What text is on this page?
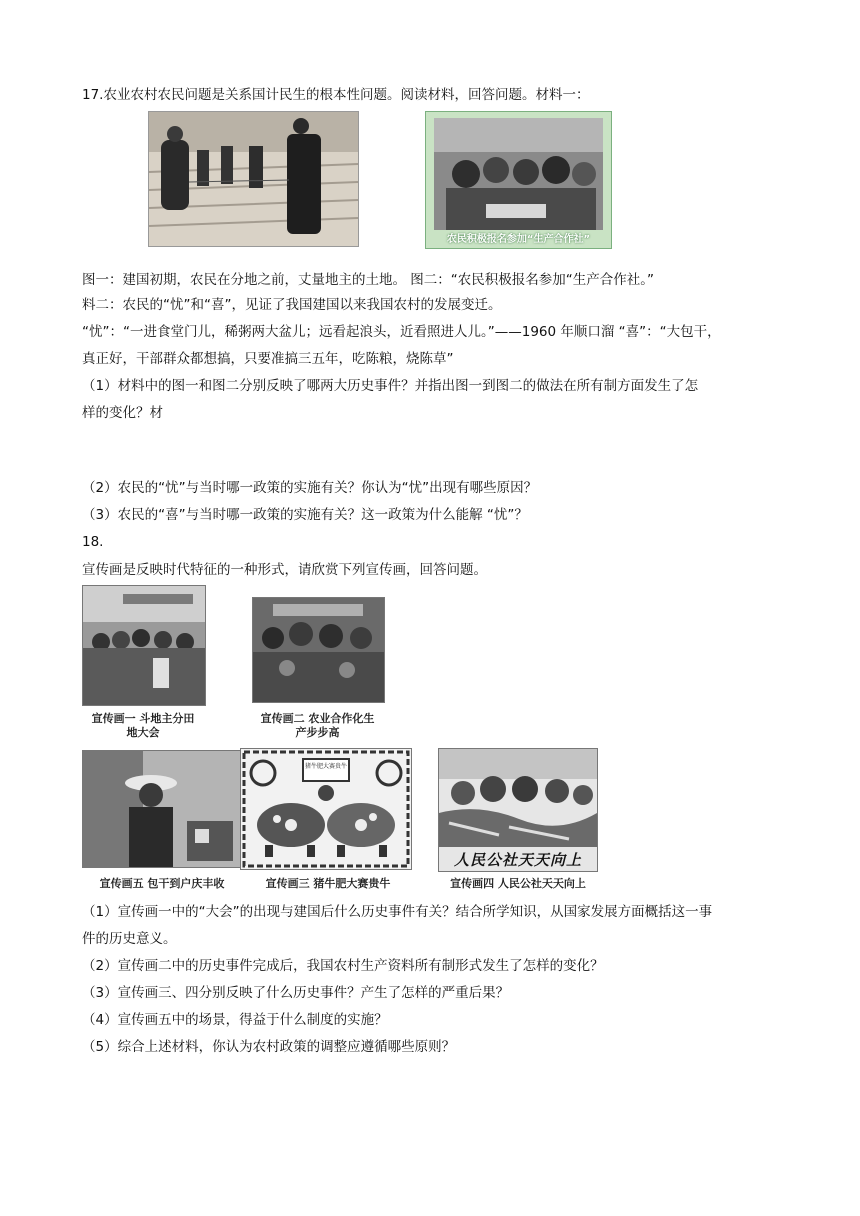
17.农业农村农民问题是关系国计民生的根本性问题。阅读材料，回答问题。材料一：
农民积极报名参加“生产合作社”
图一：建国初期，农民在分地之前，丈量地主的土地。 图二：“农民积极报名参加“生产合作社。”
料二：农民的“忧”和“喜”，见证了我国建国以来我国农村的发展变迁。
“忧”：“一进食堂门儿，稀粥两大盆儿；远看起浪头，近看照进人儿。”——1960 年顺口溜 “喜”：“大包干，
真正好，干部群众都想搞，只要准搞三五年，吃陈粮，烧陈草”
（1）材料中的图一和图二分别反映了哪两大历史事件？并指出图一到图二的做法在所有制方面发生了怎
样的变化？材
（2）农民的“忧”与当时哪一政策的实施有关？你认为“忧”出现有哪些原因？
（3）农民的“喜”与当时哪一政策的实施有关？这一政策为什么能解 “忧”？
18.
宣传画是反映时代特征的一种形式，请欣赏下列宣传画，回答问题。
宣传画一 斗地主分田
地大会
宣传画二 农业合作化生
产步步高
宣传画五 包干到户庆丰收
猪牛肥大赛贵牛
宣传画三 猪牛肥大赛贵牛
人民公社天天向上
宣传画四 人民公社天天向上
（1）宣传画一中的“大会”的出现与建国后什么历史事件有关？结合所学知识，从国家发展方面概括这一事
件的历史意义。
（2）宣传画二中的历史事件完成后，我国农村生产资料所有制形式发生了怎样的变化？
（3）宣传画三、四分别反映了什么历史事件？产生了怎样的严重后果？
（4）宣传画五中的场景，得益于什么制度的实施？
（5）综合上述材料，你认为农村政策的调整应遵循哪些原则？
